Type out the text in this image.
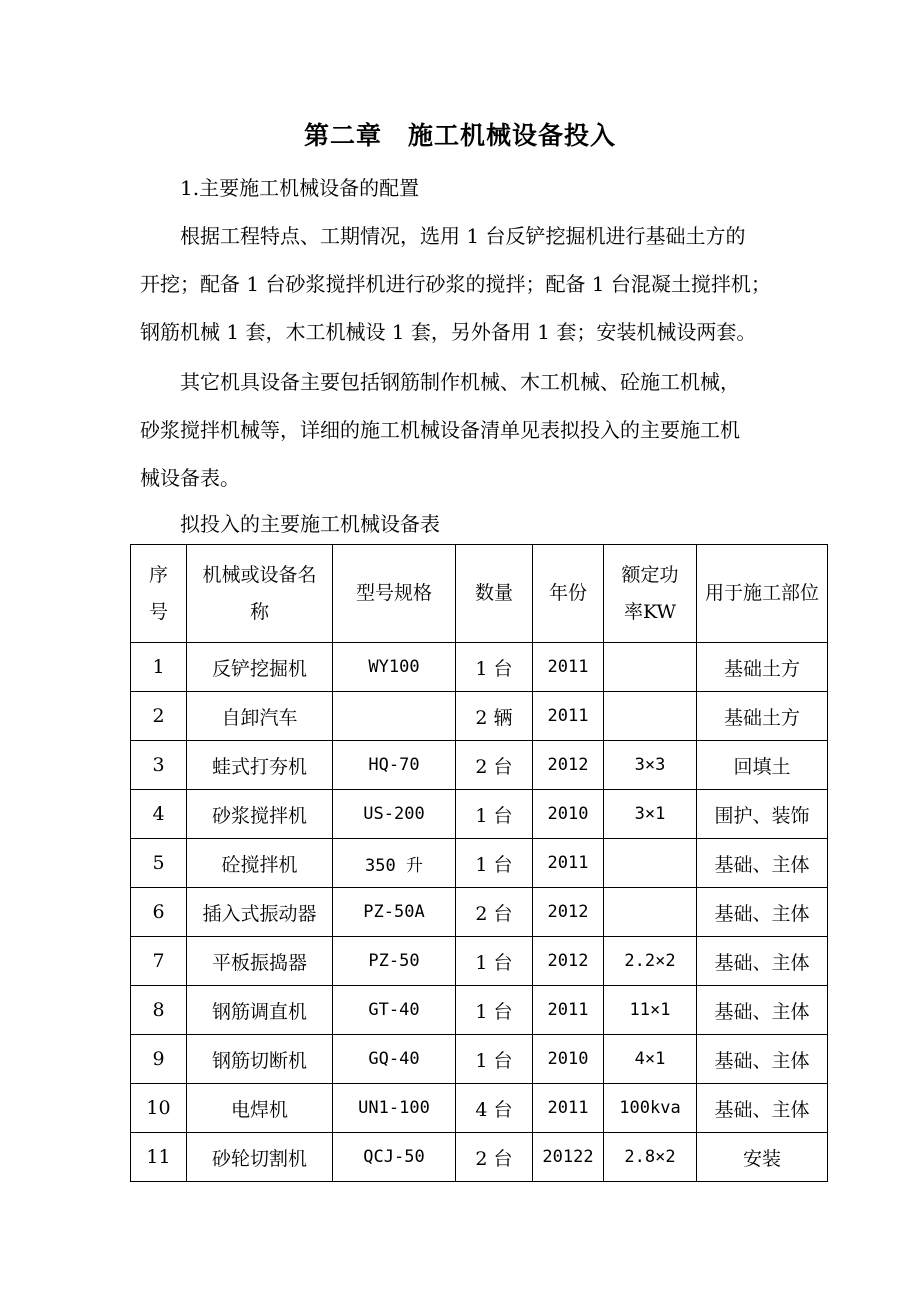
第二章　施工机械设备投入
1.主要施工机械设备的配置
根据工程特点、工期情况，选用 1 台反铲挖掘机进行基础土方的
开挖；配备 1 台砂浆搅拌机进行砂浆的搅拌；配备 1 台混凝土搅拌机；
钢筋机械 1 套，木工机械设 1 套，另外备用 1 套；安装机械设两套。
其它机具设备主要包括钢筋制作机械、木工机械、砼施工机械，
砂浆搅拌机械等，详细的施工机械设备清单见表拟投入的主要施工机
械设备表。
拟投入的主要施工机械设备表
序号	机械或设备名称	型号规格	数量	年份	额定功率KW	用于施工部位
1	反铲挖掘机	WY100	1 台	2011		基础土方
2	自卸汽车		2 辆	2011		基础土方
3	蛙式打夯机	HQ-70	2 台	2012	3×3	回填土
4	砂浆搅拌机	US-200	1 台	2010	3×1	围护、装饰
5	砼搅拌机	350 升	1 台	2011		基础、主体
6	插入式振动器	PZ-50A	2 台	2012		基础、主体
7	平板振捣器	PZ-50	1 台	2012	2.2×2	基础、主体
8	钢筋调直机	GT-40	1 台	2011	11×1	基础、主体
9	钢筋切断机	GQ-40	1 台	2010	4×1	基础、主体
10	电焊机	UN1-100	4 台	2011	100kva	基础、主体
11	砂轮切割机	QCJ-50	2 台	20122	2.8×2	安装
